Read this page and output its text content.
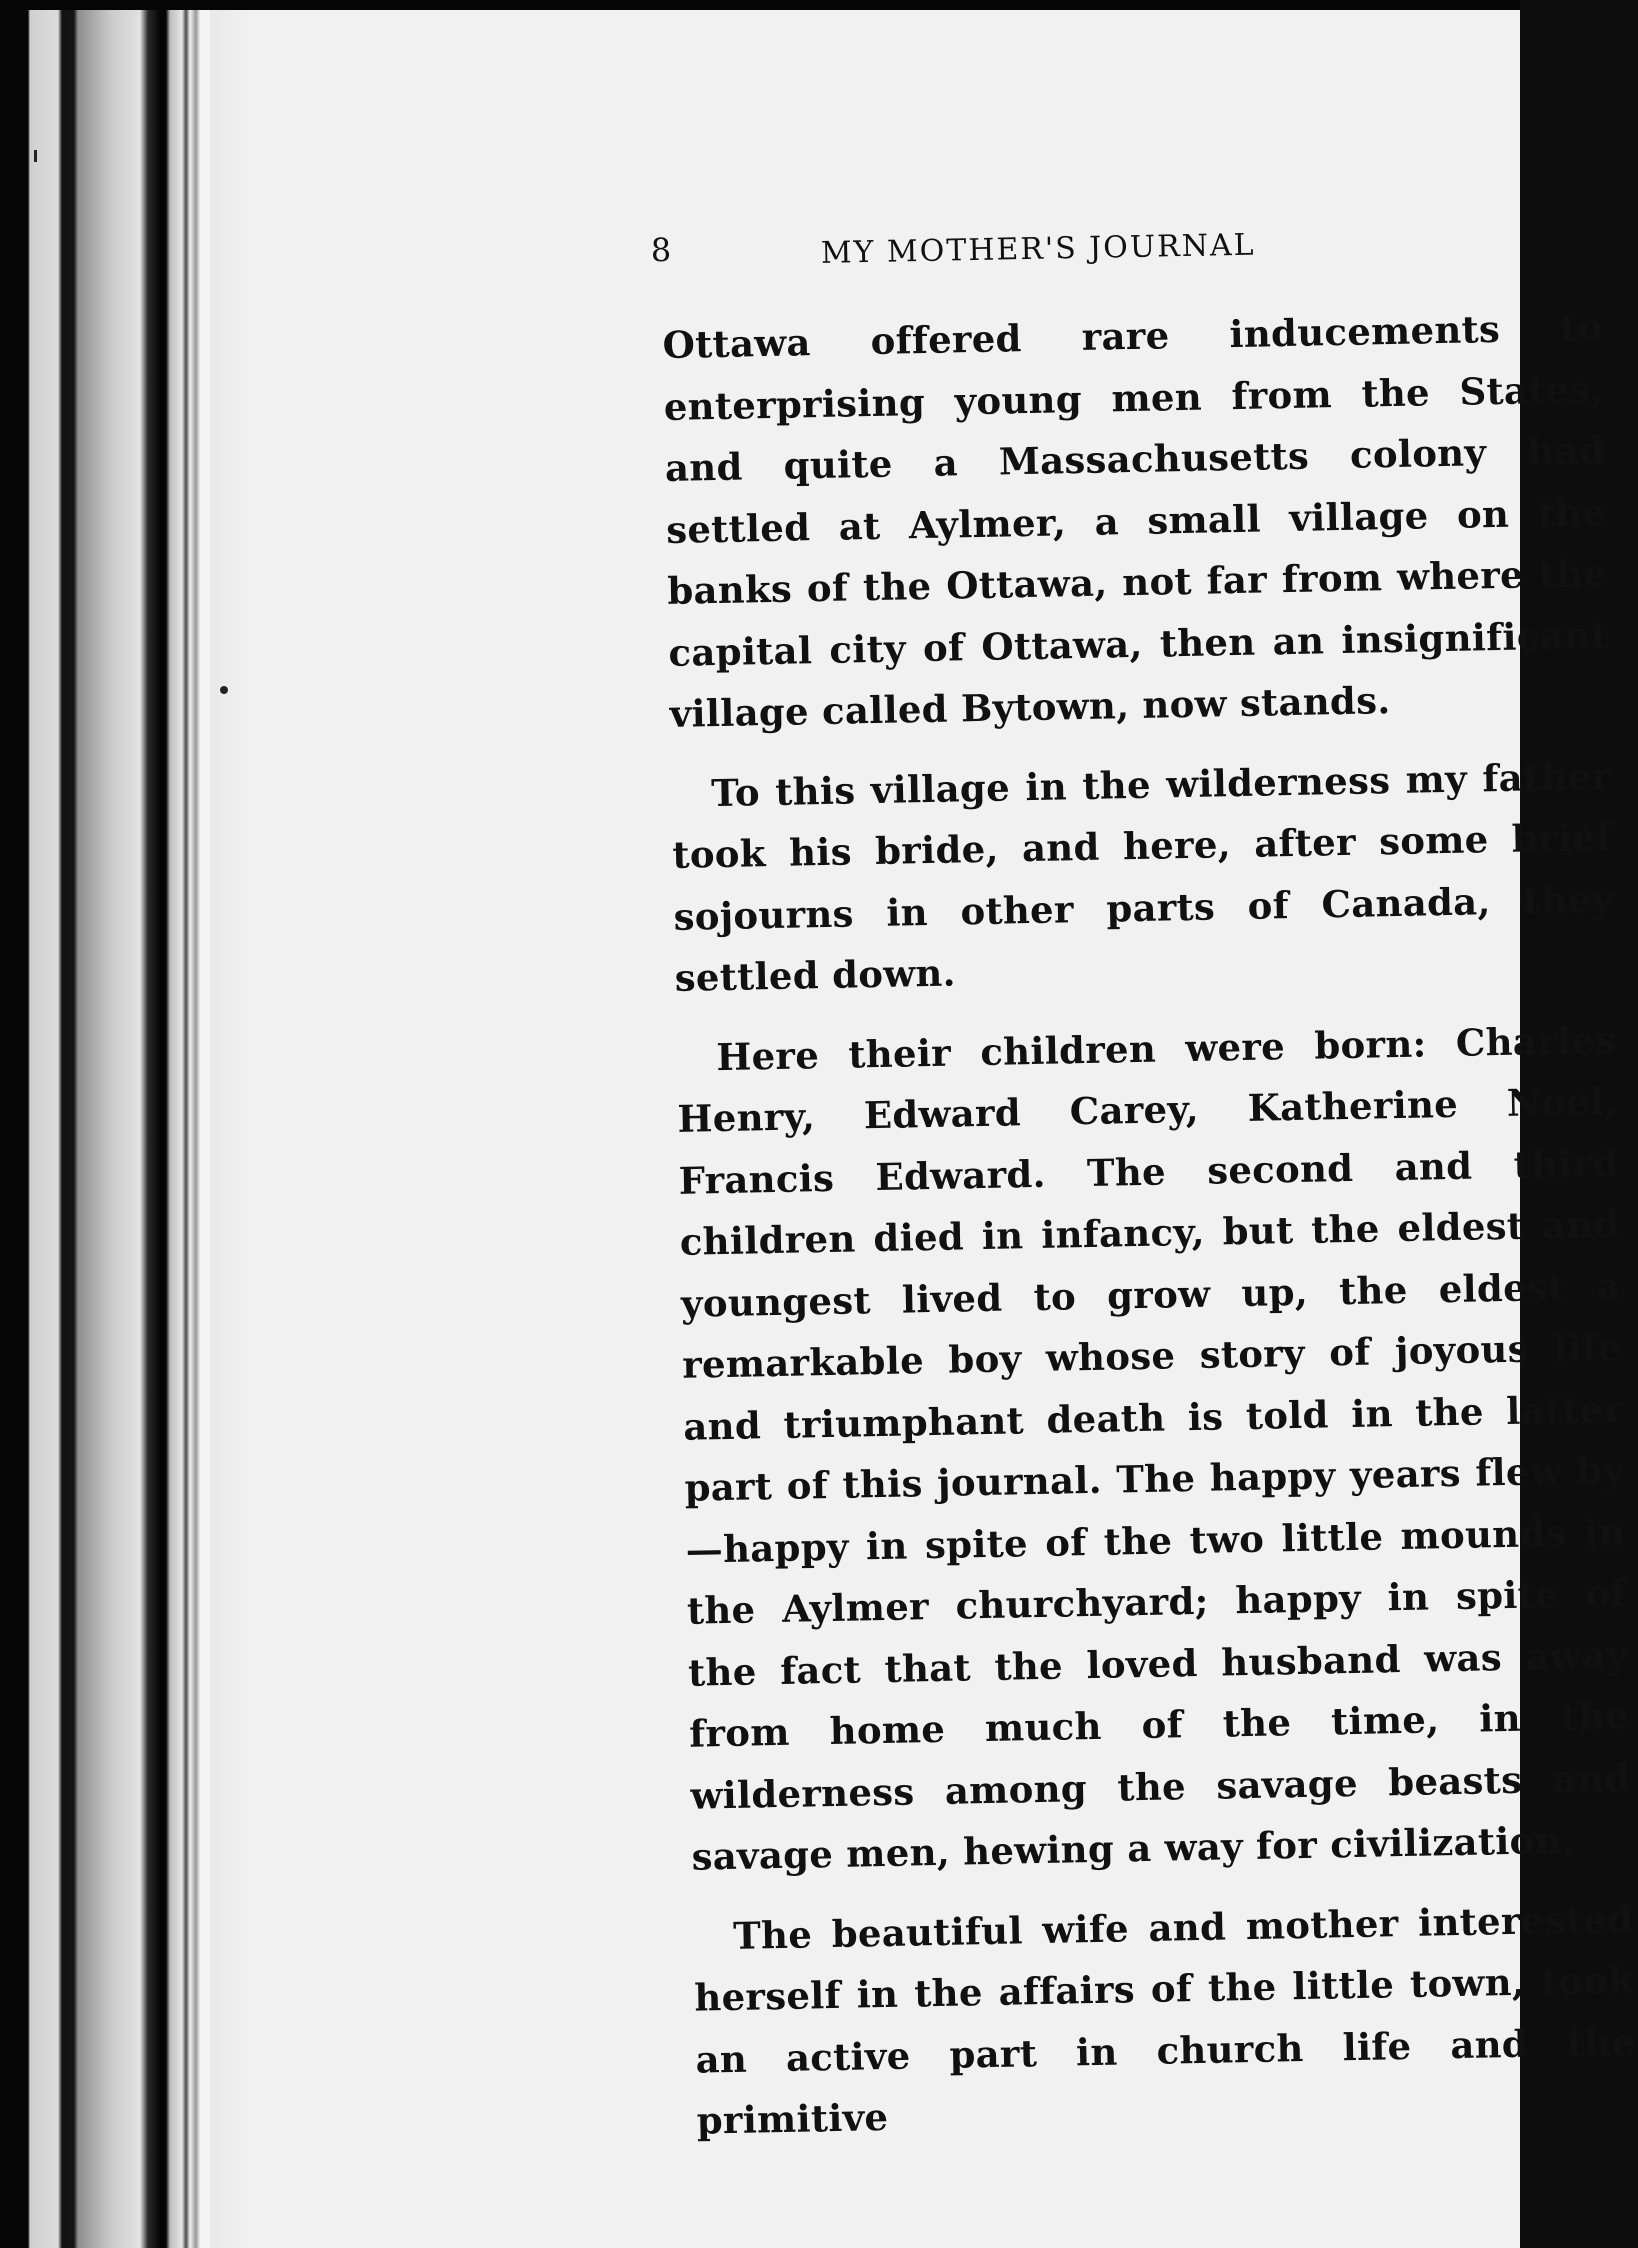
8	MY MOTHER'S JOURNAL

Ottawa offered rare inducements to enterprising young men from the States, and quite a Massachusetts colony had settled at Aylmer, a small village on the banks of the Ottawa, not far from where the capital city of Ottawa, then an insignificant village called Bytown, now stands.

To this village in the wilderness my father took his bride, and here, after some brief sojourns in other parts of Canada, they settled down.

Here their children were born: Charles Henry, Edward Carey, Katherine Noel, Francis Edward. The second and third children died in infancy, but the eldest and youngest lived to grow up, the eldest a remarkable boy whose story of joyous life and triumphant death is told in the latter part of this journal. The happy years flew by—happy in spite of the two little mounds in the Aylmer churchyard; happy in spite of the fact that the loved husband was away from home much of the time, in the wilderness among the savage beasts and savage men, hewing a way for civilization.

The beautiful wife and mother interested herself in the affairs of the little town, took an active part in church life and the primitive
